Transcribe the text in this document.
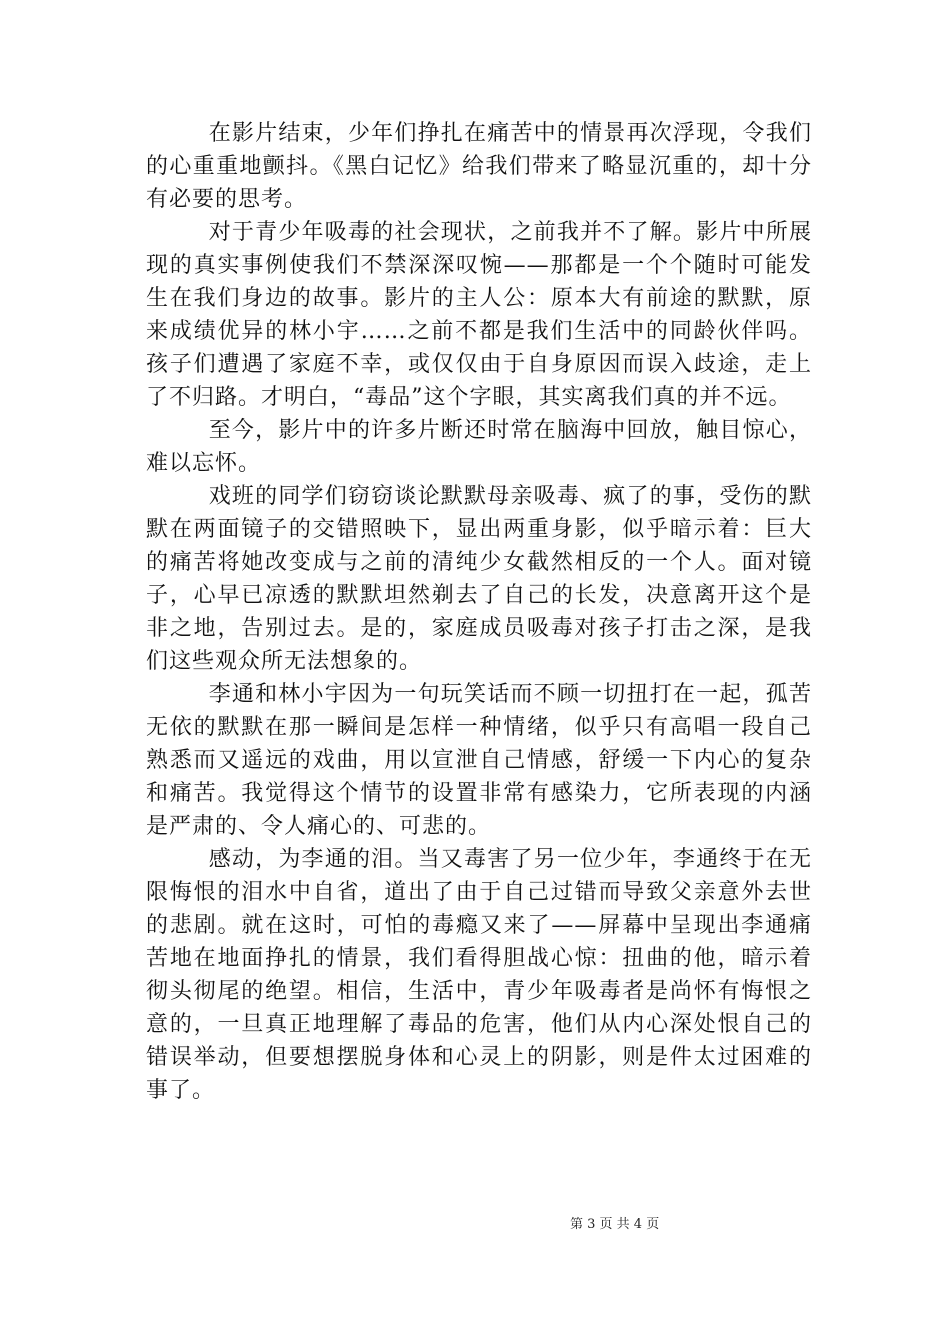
在影片结束，少年们挣扎在痛苦中的情景再次浮现，令我们的心重重地颤抖。《黑白记忆》给我们带来了略显沉重的，却十分有必要的思考。

对于青少年吸毒的社会现状，之前我并不了解。影片中所展现的真实事例使我们不禁深深叹惋——那都是一个个随时可能发生在我们身边的故事。影片的主人公：原本大有前途的默默，原来成绩优异的林小宇……之前不都是我们生活中的同龄伙伴吗。孩子们遭遇了家庭不幸，或仅仅由于自身原因而误入歧途，走上了不归路。才明白，“毒品”这个字眼，其实离我们真的并不远。

至今，影片中的许多片断还时常在脑海中回放，触目惊心，难以忘怀。

戏班的同学们窃窃谈论默默母亲吸毒、疯了的事，受伤的默默在两面镜子的交错照映下，显出两重身影，似乎暗示着：巨大的痛苦将她改变成与之前的清纯少女截然相反的一个人。面对镜子，心早已凉透的默默坦然剃去了自己的长发，决意离开这个是非之地，告别过去。是的，家庭成员吸毒对孩子打击之深，是我们这些观众所无法想象的。

李通和林小宇因为一句玩笑话而不顾一切扭打在一起，孤苦无依的默默在那一瞬间是怎样一种情绪，似乎只有高唱一段自己熟悉而又遥远的戏曲，用以宣泄自己情感，舒缓一下内心的复杂和痛苦。我觉得这个情节的设置非常有感染力，它所表现的内涵是严肃的、令人痛心的、可悲的。

感动，为李通的泪。当又毒害了另一位少年，李通终于在无限悔恨的泪水中自省，道出了由于自己过错而导致父亲意外去世的悲剧。就在这时，可怕的毒瘾又来了——屏幕中呈现出李通痛苦地在地面挣扎的情景，我们看得胆战心惊：扭曲的他，暗示着彻头彻尾的绝望。相信，生活中，青少年吸毒者是尚怀有悔恨之意的，一旦真正地理解了毒品的危害，他们从内心深处恨自己的错误举动，但要想摆脱身体和心灵上的阴影，则是件太过困难的事了。

第 3 页 共 4 页
